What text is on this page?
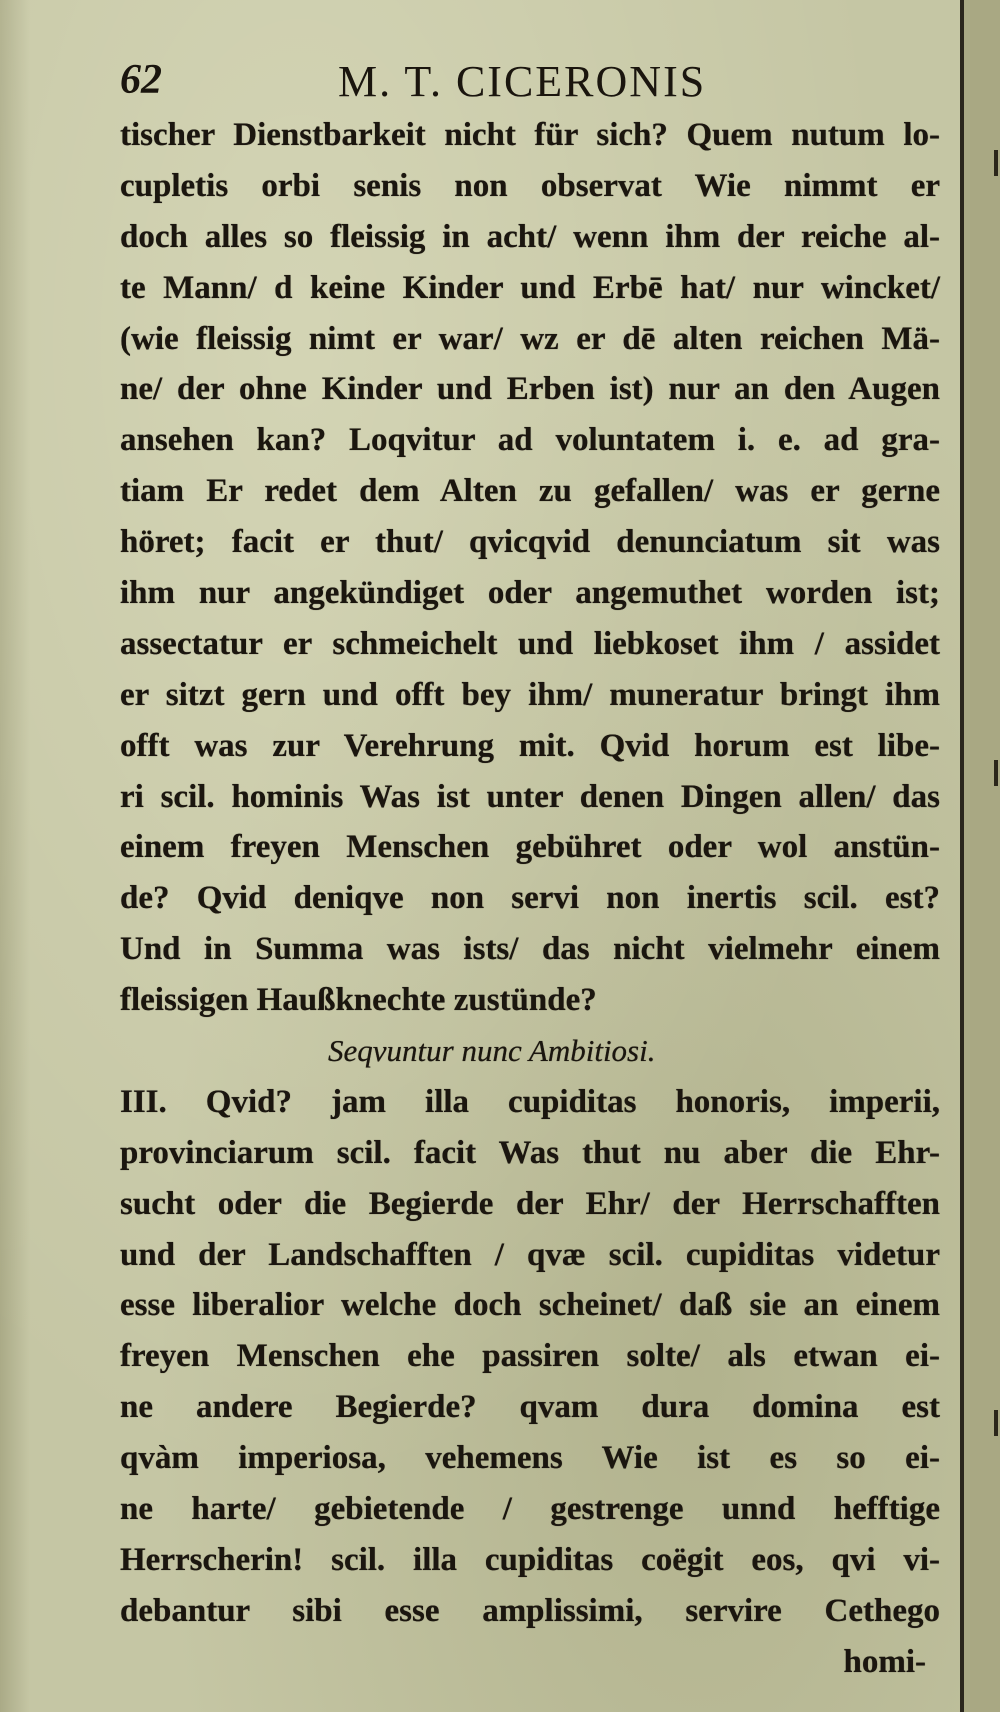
62	M. T. CICERONIS
tischer Dienstbarkeit nicht für sich? Quem nutum lo-
cupletis orbi senis non observat Wie nimmt er
doch alles so fleissig in acht/ wenn ihm der reiche al-
te Mann/ d keine Kinder und Erbē hat/ nur wincket/
(wie fleissig nimt er war/ wz er dē alten reichen Mä-
ne/ der ohne Kinder und Erben ist) nur an den Augen
ansehen kan? Loqvitur ad voluntatem i. e. ad gra-
tiam Er redet dem Alten zu gefallen/ was er gerne
höret; facit er thut/ qvicqvid denunciatum sit was
ihm nur angekündiget oder angemuthet worden ist;
assectatur er schmeichelt und liebkoset ihm / assidet
er sitzt gern und offt bey ihm/ muneratur bringt ihm
offt was zur Verehrung mit. Qvid horum est libe-
ri scil. hominis Was ist unter denen Dingen allen/ das
einem freyen Menschen gebühret oder wol anstün-
de? Qvid deniqve non servi non inertis scil. est?
Und in Summa was ists/ das nicht vielmehr einem
fleissigen Haußknechte zustünde?
Seqvuntur nunc Ambitiosi.
III. Qvid? jam illa cupiditas honoris, imperii,
provinciarum scil. facit Was thut nu aber die Ehr-
sucht oder die Begierde der Ehr/ der Herrschafften
und der Landschafften / qvæ scil. cupiditas videtur
esse liberalior welche doch scheinet/ daß sie an einem
freyen Menschen ehe passiren solte/ als etwan ei-
ne andere Begierde? qvam dura domina est
qvàm imperiosa, vehemens Wie ist es so ei-
ne harte/ gebietende / gestrenge unnd hefftige
Herrscherin! scil. illa cupiditas coëgit eos, qvi vi-
debantur sibi esse amplissimi, servire Cethego
homi-
